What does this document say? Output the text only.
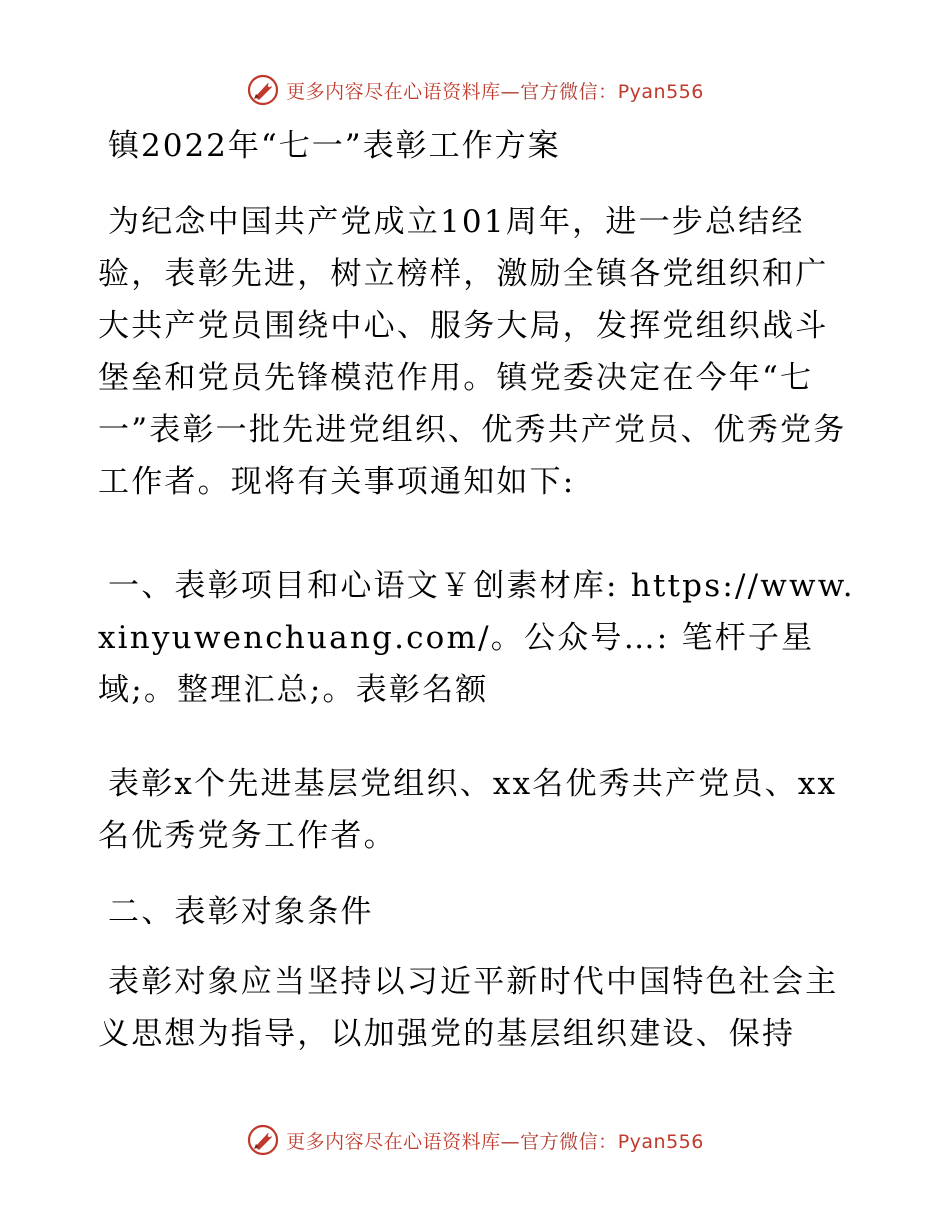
更多内容尽在心语资料库—官方微信：Pyan556
镇2022年“七一”表彰工作方案

为纪念中国共产党成立101周年，进一步总结经验，表彰先进，树立榜样，激励全镇各党组织和广大共产党员围绕中心、服务大局，发挥党组织战斗堡垒和党员先锋模范作用。镇党委决定在今年“七一”表彰一批先进党组织、优秀共产党员、优秀党务工作者。现将有关事项通知如下:

一、表彰项目和心语文￥创素材库: https://www.xinyuwenchuang.com/。公众号…: 笔杆子星域;。整理汇总;。表彰名额

表彰x个先进基层党组织、xx名优秀共产党员、xx名优秀党务工作者。

二、表彰对象条件

表彰对象应当坚持以习近平新时代中国特色社会主义思想为指导，以加强党的基层组织建设、保持

更多内容尽在心语资料库—官方微信：Pyan556
